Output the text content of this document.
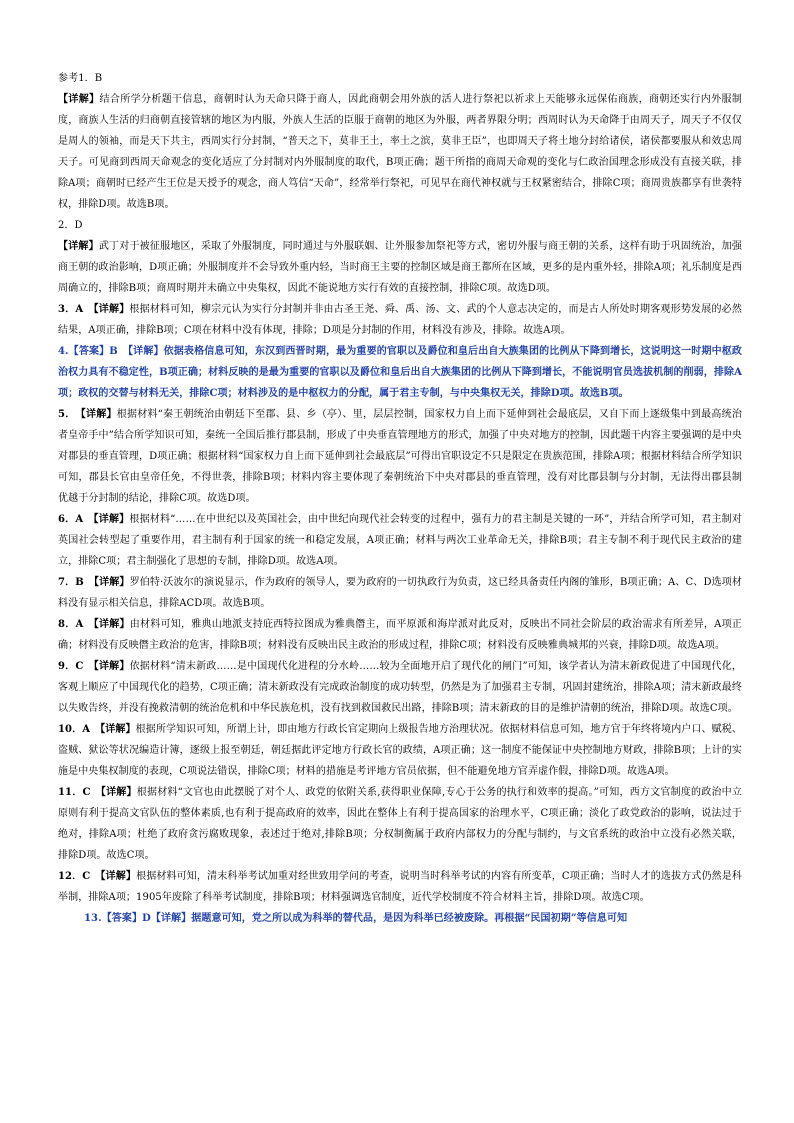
参考1．B

【详解】结合所学分析题干信息，商朝时认为天命只降于商人，因此商朝会用外族的活人进行祭祀以祈求上天能够永远保佑商族，商朝还实行内外服制度，商族人生活的归商朝直接管辖的地区为内服，外族人生活的臣服于商朝的地区为外服，两者界限分明；西周时认为天命降于由周天子，周天子不仅仅是周人的领袖，而是天下共主，西周实行分封制，“普天之下，莫非王土，率土之滨，莫非王臣”，也即周天子将土地分封给诸侯，诸侯都要服从和效忠周天子。可见商到西周天命观念的变化适应了分封制对内外服制度的取代，B项正确；题干所指的商周天命观的变化与仁政治国理念形成没有直接关联，排除A项；商朝时已经产生王位是天授予的观念，商人笃信“天命”，经常举行祭祀，可见早在商代神权就与王权紧密结合，排除C项；商周贵族都享有世袭特权，排除D项。故选B项。

2．D

【详解】武丁对于被征服地区，采取了外服制度，同时通过与外服联姻、让外服参加祭祀等方式，密切外服与商王朝的关系，这样有助于巩固统治，加强商王朝的政治影响，D项正确；外服制度并不会导致外重内轻，当时商王主要的控制区域是商王都所在区域，更多的是内重外轻，排除A项；礼乐制度是西周确立的，排除B项；商周时期并未确立中央集权，因此不能说地方实行有效的直接控制，排除C项。故选D项。

3．A　【详解】根据材料可知，柳宗元认为实行分封制并非由古圣王尧、舜、禹、汤、文、武的个人意志决定的，而是古人所处时期客观形势发展的必然结果，A项正确，排除B项；C项在材料中没有体现，排除；D项是分封制的作用，材料没有涉及，排除。故选A项。

4.【答案】B　【详解】依据表格信息可知，东汉到西晋时期，最为重要的官职以及爵位和皇后出自大族集团的比例从下降到增长，这说明这一时期中枢政治权力具有不稳定性，B项正确；材料反映的是最为重要的官职以及爵位和皇后出自大族集团的比例从下降到增长，不能说明官员选拔机制的削弱，排除A项；政权的交替与材料无关，排除C项；材料涉及的是中枢权力的分配，属于君主专制，与中央集权无关，排除D项。故选B项。

5．　【详解】根据材料“秦王朝统治由朝廷下至郡、县、乡（亭）、里，层层控制，国家权力自上而下延伸到社会最底层，又自下而上逐级集中到最高统治者皇帝手中”结合所学知识可知，秦统一全国后推行郡县制，形成了中央垂直管理地方的形式，加强了中央对地方的控制，因此题干内容主要强调的是中央对郡县的垂直管理，D项正确；根据材料“国家权力自上而下延伸到社会最底层”可得出官职设定不只是限定在贵族范围，排除A项；根据材料结合所学知识可知，郡县长官由皇帝任免，不得世袭，排除B项；材料内容主要体现了秦朝统治下中央对郡县的垂直管理，没有对比郡县制与分封制，无法得出郡县制优越于分封制的结论，排除C项。故选D项。

6．A　【详解】根据材料“……在中世纪以及英国社会，由中世纪向现代社会转变的过程中，强有力的君主制是关键的一环”，并结合所学可知，君主制对英国社会转型起了重要作用，君主制有利于国家的统一和稳定发展，A项正确；材料与两次工业革命无关，排除B项；君主专制不利于现代民主政治的建立，排除C项；君主制强化了思想的专制，排除D项。故选A项。

7．B　【详解】罗伯特·沃波尔的演说显示，作为政府的领导人，要为政府的一切执政行为负责，这已经具备责任内阁的雏形，B项正确；A、C、D选项材料没有显示相关信息，排除ACD项。故选B项。

8．A　【详解】由材料可知，雅典山地派支持庇西特拉图成为雅典僭主，而平原派和海岸派对此反对，反映出不同社会阶层的政治需求有所差异，A项正确；材料没有反映僭主政治的危害，排除B项；材料没有反映出民主政治的形成过程，排除C项；材料没有反映雅典城邦的兴衰，排除D项。故选A项。

9．C　【详解】依据材料“清末新政……是中国现代化进程的分水岭……较为全面地开启了现代化的闸门”可知，该学者认为清末新政促进了中国现代化，客观上顺应了中国现代化的趋势，C项正确；清末新政没有完成政治制度的成功转型，仍然是为了加强君主专制，巩固封建统治，排除A项；清末新政最终以失败告终，并没有挽救清朝的统治危机和中华民族危机，没有找到救国救民出路，排除B项；清末新政的目的是维护清朝的统治，排除D项。故选C项。

10．A　【详解】根据所学知识可知，所谓上计，即由地方行政长官定期向上级报告地方治理状况。依据材料信息可知，地方官于年终将境内户口、赋税、盗贼、狱讼等状况编造计簿，逐级上报至朝廷，朝廷据此评定地方行政长官的政绩，A项正确；这一制度不能保证中央控制地方财政，排除B项；上计的实施是中央集权制度的表现，C项说法错误，排除C项；材料的措施是考评地方官员依据，但不能避免地方官弄虚作假，排除D项。故选A项。

11．C　【详解】根据材料“文官也由此摆脱了对个人、政党的依附关系,获得职业保障,专心于公务的执行和效率的提高。”可知，西方文官制度的政治中立原则有利于提高文官队伍的整体素质,也有利于提高政府的效率，因此在整体上有利于提高国家的治理水平，C项正确；淡化了政党政治的影响，说法过于绝对，排除A项；杜绝了政府贪污腐败现象，表述过于绝对,排除B项；分权制衡属于政府内部权力的分配与制约，与文官系统的政治中立没有必然关联，排除D项。故选C项。

12．C　【详解】根据材料可知，清末科举考试加重对经世致用学问的考查，说明当时科举考试的内容有所变革，C项正确；当时人才的选拔方式仍然是科举制，排除A项；1905年废除了科举考试制度，排除B项；材料强调选官制度，近代学校制度不符合材料主旨，排除D项。故选C项。

13.【答案】D【详解】据题意可知，党之所以成为科举的替代品，是因为科举已经被废除。再根据“民国初期”等信息可知
